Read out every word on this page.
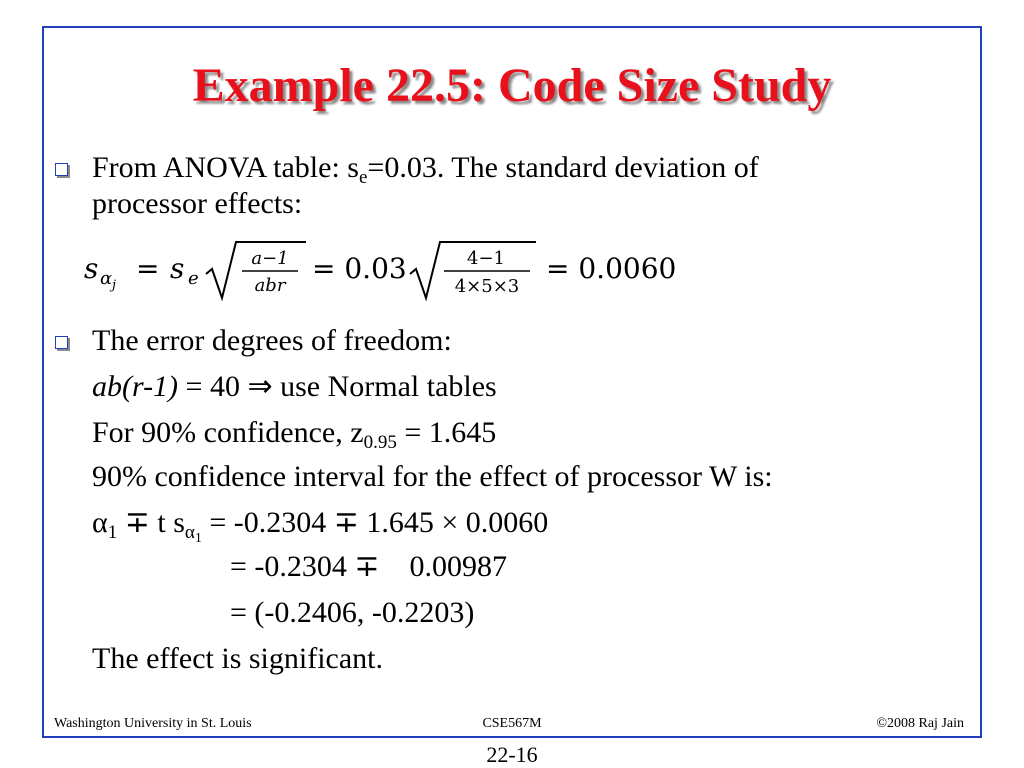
Example 22.5: Code Size Study
From ANOVA table: $s_e=0.03$. The standard deviation of
processor effects:
s α j
= s e
a−1
abr
= 0.03	4−1
4×5×3
= 0.0060
The error degrees of freedom:
ab(r-1) = 40 ⇒ use Normal tables
For 90% confidence, $z_{0.95} = 1.645$
90% confidence interval for the effect of processor W is:
$\alpha_1 \mp t$ $s_{\alpha_1} = -0.2304 \mp 1.645 \times 0.0060$
= -0.2304 ∓    0.00987
= (-0.2406, -0.2203)
The effect is significant.
Washington University in St. Louis	CSE567M	©2008 Raj Jain
22-16
